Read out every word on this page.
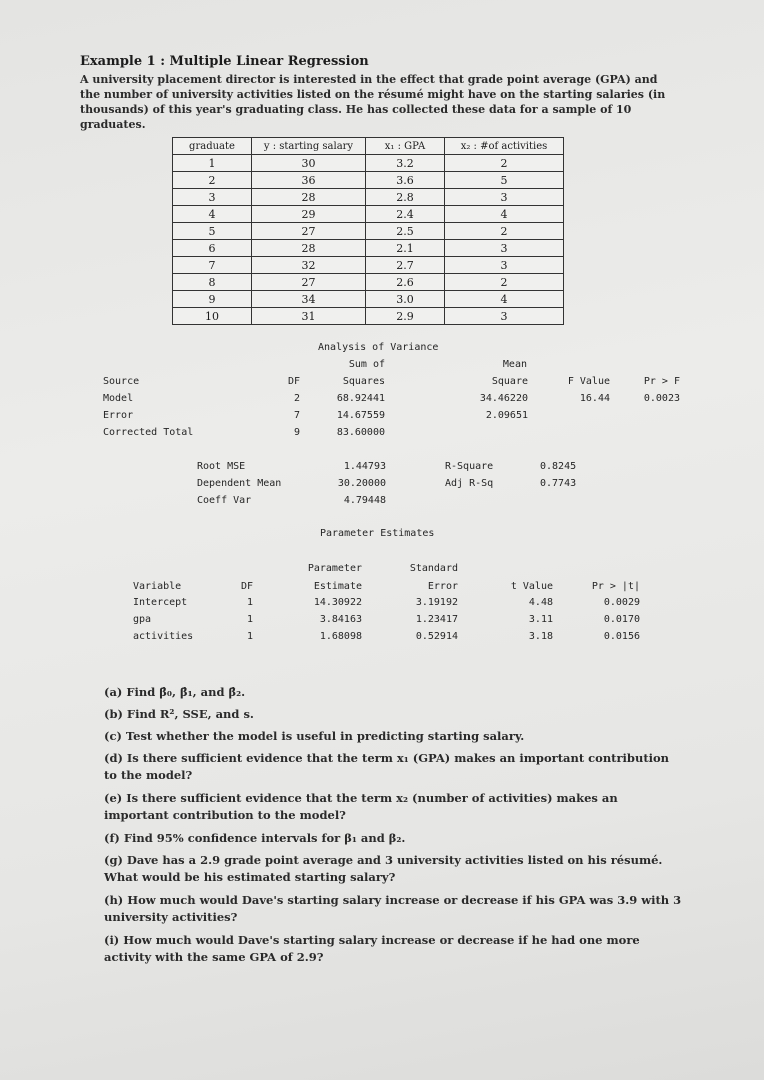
Example 1 : Multiple Linear Regression
A university placement director is interested in the effect that grade point average (GPA) and the number of university activities listed on the résumé might have on the starting salaries (in thousands) of this year's graduating class. He has collected these data for a sample of 10 graduates.
graduate	y : starting salary	x₁ : GPA	x₂ : #of activities
1	30	3.2	2
2	36	3.6	5
3	28	2.8	3
4	29	2.4	4
5	27	2.5	2
6	28	2.1	3
7	32	2.7	3
8	27	2.6	2
9	34	3.0	4
10	31	2.9	3
Analysis of Variance
Sum of	Mean
Source	DF	Squares	Square	F Value	Pr > F
Model	2	68.92441	34.46220	16.44	0.0023
Error	7	14.67559	2.09651
Corrected Total	9	83.60000
Root MSE	1.44793	R-Square	0.8245
Dependent Mean	30.20000	Adj R-Sq	0.7743
Coeff Var	4.79448
Parameter Estimates
Parameter	Standard
Variable	DF	Estimate	Error	t Value	Pr > |t|
Intercept	1	14.30922	3.19192	4.48	0.0029
gpa	1	3.84163	1.23417	3.11	0.0170
activities	1	1.68098	0.52914	3.18	0.0156
(a) Find β̂₀, β̂₁, and β̂₂.
(b) Find R², SSE, and s.
(c) Test whether the model is useful in predicting starting salary.
(d) Is there sufficient evidence that the term x₁ (GPA) makes an important contribution to the model?
(e) Is there sufficient evidence that the term x₂ (number of activities) makes an important contribution to the model?
(f) Find 95% confidence intervals for β₁ and β₂.
(g) Dave has a 2.9 grade point average and 3 university activities listed on his résumé. What would be his estimated starting salary?
(h) How much would Dave's starting salary increase or decrease if his GPA was 3.9 with 3 university activities?
(i) How much would Dave's starting salary increase or decrease if he had one more activity with the same GPA of 2.9?
